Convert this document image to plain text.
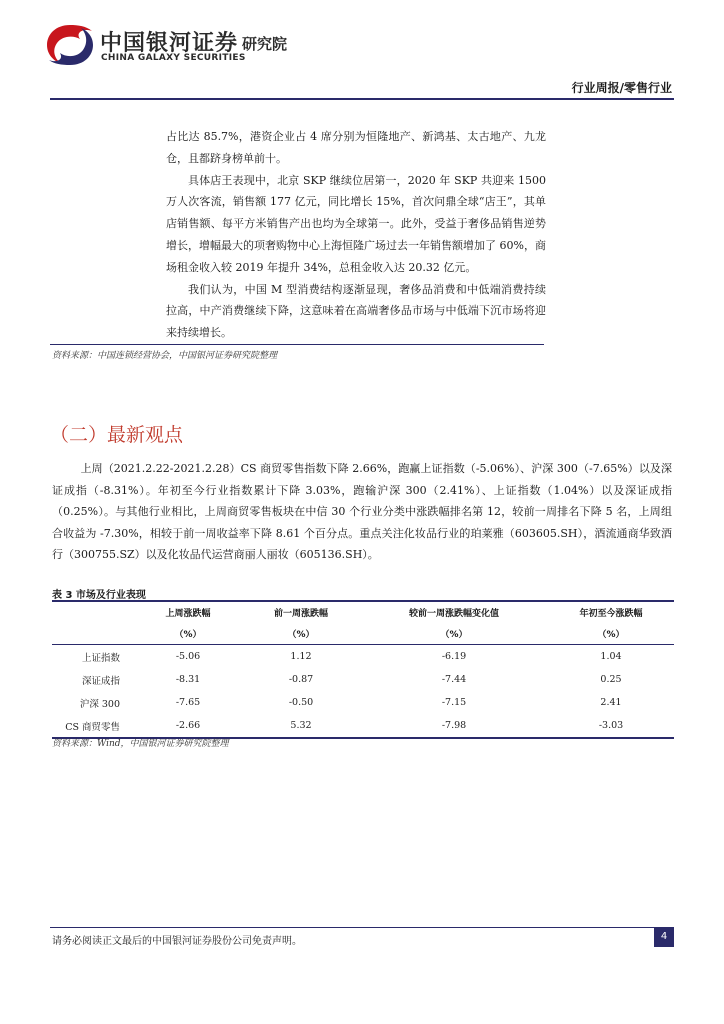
中国银河证券
CHINA GALAXY SECURITIES
研究院
行业周报/零售行业

占比达 85.7%，港资企业占 4 席分别为恒隆地产、新鸿基、太古地产、九龙仓，且都跻身榜单前十。

具体店王表现中，北京 SKP 继续位居第一，2020 年 SKP 共迎来 1500 万人次客流，销售额 177 亿元，同比增长 15%，首次问鼎全球“店王”，其单店销售额、每平方米销售产出也均为全球第一。此外，受益于奢侈品销售逆势增长，增幅最大的项奢购物中心上海恒隆广场过去一年销售额增加了 60%，商场租金收入较 2019 年提升 34%，总租金收入达 20.32 亿元。

我们认为，中国 M 型消费结构逐渐显现，奢侈品消费和中低端消费持续拉高，中产消费继续下降，这意味着在高端奢侈品市场与中低端下沉市场将迎来持续增长。

资料来源：中国连锁经营协会，中国银河证券研究院整理
（二）最新观点

上周（2021.2.22-2021.2.28）CS 商贸零售指数下降 2.66%，跑赢上证指数（-5.06%）、沪深 300（-7.65%）以及深证成指（-8.31%）。年初至今行业指数累计下降 3.03%，跑输沪深 300（2.41%）、上证指数（1.04%）以及深证成指（0.25%）。与其他行业相比，上周商贸零售板块在中信 30 个行业分类中涨跌幅排名第 12，较前一周排名下降 5 名，上周组合收益为 -7.30%，相较于前一周收益率下降 8.61 个百分点。重点关注化妆品行业的珀莱雅（603605.SH），酒流通商华致酒行（300755.SZ）以及化妆品代运营商丽人丽妆（605136.SH）。

表 3 市场及行业表现
	上周涨跌幅	前一周涨跌幅	较前一周涨跌幅变化值	年初至今涨跌幅
	（%）	（%）	（%）	（%）
上证指数	-5.06	1.12	-6.19	1.04
深证成指	-8.31	-0.87	-7.44	0.25
沪深 300	-7.65	-0.50	-7.15	2.41
CS 商贸零售	-2.66	5.32	-7.98	-3.03
资料来源：Wind，中国银河证券研究院整理
请务必阅读正文最后的中国银河证券股份公司免责声明。	4
